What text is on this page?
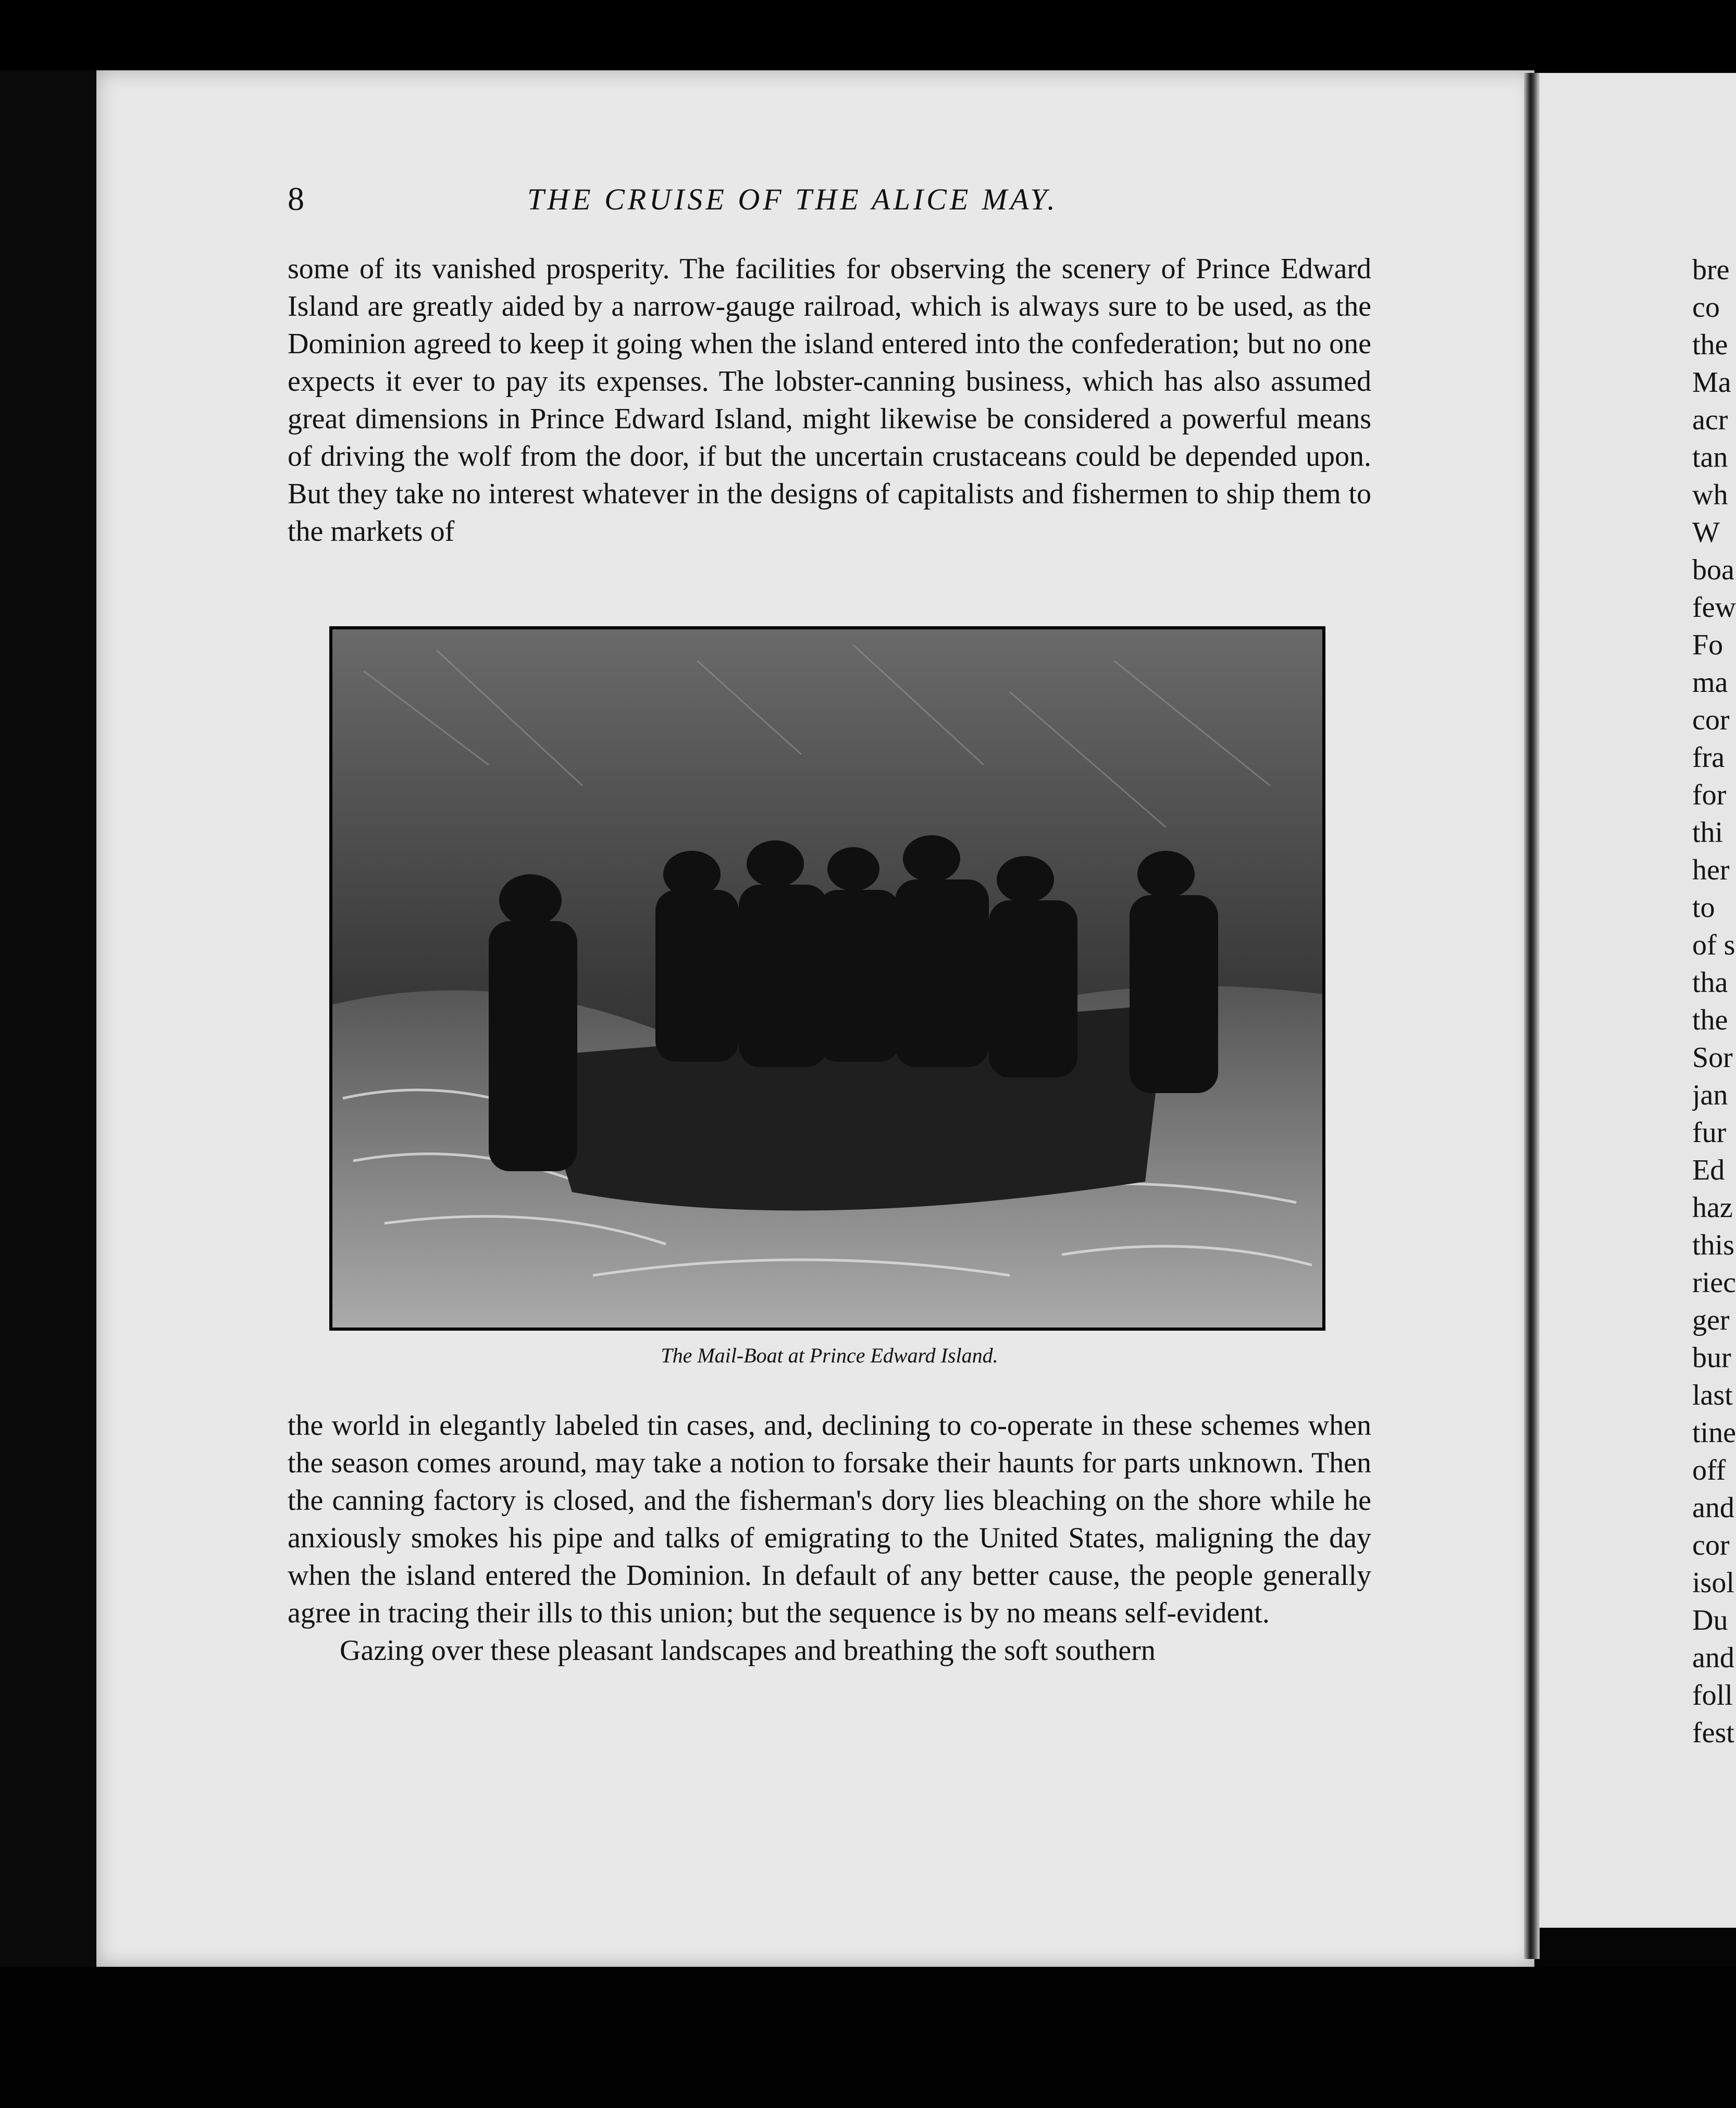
8	THE CRUISE OF THE ALICE MAY.

some of its vanished prosperity. The facilities for observing the scenery of Prince Edward Island are greatly aided by a narrow-gauge railroad, which is always sure to be used, as the Dominion agreed to keep it going when the island entered into the confederation; but no one expects it ever to pay its expenses. The lobster-canning business, which has also assumed great dimensions in Prince Edward Island, might likewise be considered a powerful means of driving the wolf from the door, if but the uncertain crustaceans could be depended upon. But they take no interest whatever in the designs of capitalists and fishermen to ship them to the markets of

The Mail-Boat at Prince Edward Island.

the world in elegantly labeled tin cases, and, declining to co-operate in these schemes when the season comes around, may take a notion to forsake their haunts for parts unknown. Then the canning factory is closed, and the fisherman's dory lies bleaching on the shore while he anxiously smokes his pipe and talks of emigrating to the United States, maligning the day when the island entered the Dominion. In default of any better cause, the people generally agree in tracing their ills to this union; but the sequence is by no means self-evident.

Gazing over these pleasant landscapes and breathing the soft southern

bre
co
the
Ma
acr
tan
wh
W
boa
few
Fo
ma
cor
fra
for
thi
her
to
of s
tha
the
Sor
jan
fur
Ed
haz
this
riec
ger
bur
last
tine
off
and
cor
isol
Du
and
foll
fest
